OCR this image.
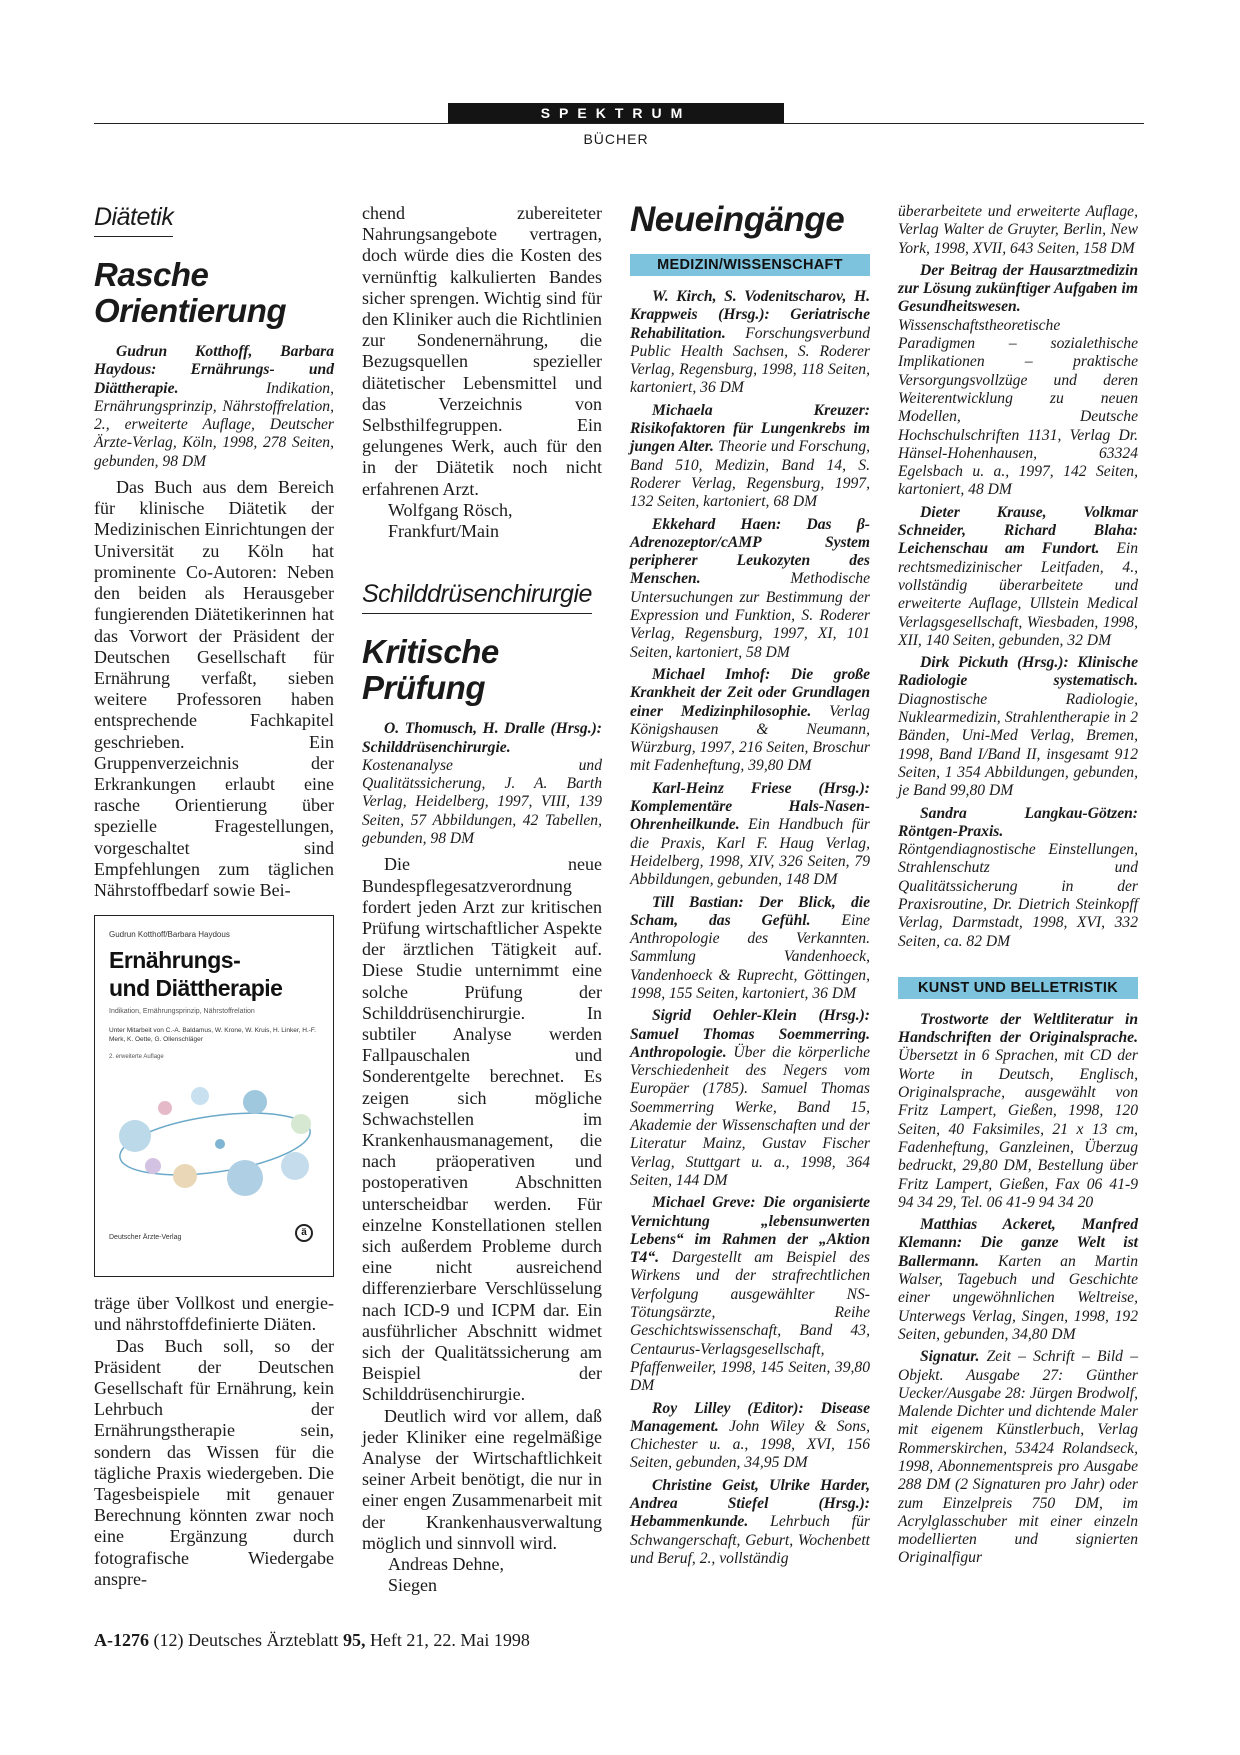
SPEKTRUM
BÜCHER
Diätetik
Rasche Orientierung

Gudrun Kotthoff, Barbara Haydous: Ernährungs- und Diättherapie. Indikation, Ernährungsprinzip, Nährstoffrelation, 2., erweiterte Auflage, Deutscher Ärzte-Verlag, Köln, 1998, 278 Seiten, gebunden, 98 DM

Das Buch aus dem Bereich für klinische Diätetik der Medizinischen Einrichtungen der Universität zu Köln hat prominente Co-Autoren: Neben den beiden als Herausgeber fungierenden Diätetikerinnen hat das Vorwort der Präsident der Deutschen Gesellschaft für Ernährung verfaßt, sieben weitere Professoren haben entsprechende Fachkapitel geschrieben. Ein Gruppenverzeichnis der Erkrankungen erlaubt eine rasche Orientierung über spezielle Fragestellungen, vorgeschaltet sind Empfehlungen zum täglichen Nährstoffbedarf sowie Bei-

Gudrun Kotthoff/Barbara Haydous
Ernährungs-
und Diättherapie
Indikation, Ernährungsprinzip, Nährstoffrelation
Unter Mitarbeit von C.-A. Baldamus, W. Krone, W. Kruis, H. Linker, H.-F. Merk, K. Oette, G. Ollenschläger
2. erweiterte Auflage
Deutscher Ärzte-Verlag	ä

träge über Vollkost und energie- und nährstoffdefinierte Diäten.

Das Buch soll, so der Präsident der Deutschen Gesellschaft für Ernährung, kein Lehrbuch der Ernährungstherapie sein, sondern das Wissen für die tägliche Praxis wiedergeben. Die Tagesbeispiele mit genauer Berechnung könnten zwar noch eine Ergänzung durch fotografische Wiedergabe anspre-

chend zubereiteter Nahrungsangebote vertragen, doch würde dies die Kosten des vernünftig kalkulierten Bandes sicher sprengen. Wichtig sind für den Kliniker auch die Richtlinien zur Sondenernährung, die Bezugsquellen spezieller diätetischer Lebensmittel und das Verzeichnis von Selbsthilfegruppen. Ein gelungenes Werk, auch für den in der Diätetik noch nicht erfahrenen Arzt.

Wolfgang Rösch,
Frankfurt/Main
Schilddrüsenchirurgie
Kritische Prüfung

O. Thomusch, H. Dralle (Hrsg.): Schilddrüsenchirurgie. Kostenanalyse und Qualitätssicherung, J. A. Barth Verlag, Heidelberg, 1997, VIII, 139 Seiten, 57 Abbildungen, 42 Tabellen, gebunden, 98 DM

Die neue Bundespflegesatzverordnung fordert jeden Arzt zur kritischen Prüfung wirtschaftlicher Aspekte der ärztlichen Tätigkeit auf. Diese Studie unternimmt eine solche Prüfung der Schilddrüsenchirurgie. In subtiler Analyse werden Fallpauschalen und Sonderentgelte berechnet. Es zeigen sich mögliche Schwachstellen im Krankenhausmanagement, die nach präoperativen und postoperativen Abschnitten unterscheidbar werden. Für einzelne Konstellationen stellen sich außerdem Probleme durch eine nicht ausreichend differenzierbare Verschlüsselung nach ICD-9 und ICPM dar. Ein ausführlicher Abschnitt widmet sich der Qualitätssicherung am Beispiel der Schilddrüsenchirurgie.

Deutlich wird vor allem, daß jeder Kliniker eine regelmäßige Analyse der Wirtschaftlichkeit seiner Arbeit benötigt, die nur in einer engen Zusammenarbeit mit der Krankenhausverwaltung möglich und sinnvoll wird.

Andreas Dehne,
Siegen
Neueingänge
MEDIZIN/WISSENSCHAFT

W. Kirch, S. Vodenitscharov, H. Krappweis (Hrsg.): Geriatrische Rehabilitation. Forschungsverbund Public Health Sachsen, S. Roderer Verlag, Regensburg, 1998, 118 Seiten, kartoniert, 36 DM

Michaela Kreuzer: Risikofaktoren für Lungenkrebs im jungen Alter. Theorie und Forschung, Band 510, Medizin, Band 14, S. Roderer Verlag, Regensburg, 1997, 132 Seiten, kartoniert, 68 DM

Ekkehard Haen: Das β-Adrenozeptor/cAMP System peripherer Leukozyten des Menschen. Methodische Untersuchungen zur Bestimmung der Expression und Funktion, S. Roderer Verlag, Regensburg, 1997, XI, 101 Seiten, kartoniert, 58 DM

Michael Imhof: Die große Krankheit der Zeit oder Grundlagen einer Medizinphilosophie. Verlag Königshausen & Neumann, Würzburg, 1997, 216 Seiten, Broschur mit Fadenheftung, 39,80 DM

Karl-Heinz Friese (Hrsg.): Komplementäre Hals-Nasen-Ohrenheilkunde. Ein Handbuch für die Praxis, Karl F. Haug Verlag, Heidelberg, 1998, XIV, 326 Seiten, 79 Abbildungen, gebunden, 148 DM

Till Bastian: Der Blick, die Scham, das Gefühl. Eine Anthropologie des Verkannten. Sammlung Vandenhoeck, Vandenhoeck & Ruprecht, Göttingen, 1998, 155 Seiten, kartoniert, 36 DM

Sigrid Oehler-Klein (Hrsg.): Samuel Thomas Soemmerring. Anthropologie. Über die körperliche Verschiedenheit des Negers vom Europäer (1785). Samuel Thomas Soemmerring Werke, Band 15, Akademie der Wissenschaften und der Literatur Mainz, Gustav Fischer Verlag, Stuttgart u. a., 1998, 364 Seiten, 144 DM

Michael Greve: Die organisierte Vernichtung „lebensunwerten Lebens“ im Rahmen der „Aktion T4“. Dargestellt am Beispiel des Wirkens und der strafrechtlichen Verfolgung ausgewählter NS-Tötungsärzte, Reihe Geschichtswissenschaft, Band 43, Centaurus-Verlagsgesellschaft, Pfaffenweiler, 1998, 145 Seiten, 39,80 DM

Roy Lilley (Editor): Disease Management. John Wiley & Sons, Chichester u. a., 1998, XVI, 156 Seiten, gebunden, 34,95 DM

Christine Geist, Ulrike Harder, Andrea Stiefel (Hrsg.): Hebammenkunde. Lehrbuch für Schwangerschaft, Geburt, Wochenbett und Beruf, 2., vollständig

überarbeitete und erweiterte Auflage, Verlag Walter de Gruyter, Berlin, New York, 1998, XVII, 643 Seiten, 158 DM

Der Beitrag der Hausarztmedizin zur Lösung zukünftiger Aufgaben im Gesundheitswesen. Wissenschaftstheoretische Paradigmen – sozialethische Implikationen – praktische Versorgungsvollzüge und deren Weiterentwicklung zu neuen Modellen, Deutsche Hochschulschriften 1131, Verlag Dr. Hänsel-Hohenhausen, 63324 Egelsbach u. a., 1997, 142 Seiten, kartoniert, 48 DM

Dieter Krause, Volkmar Schneider, Richard Blaha: Leichenschau am Fundort. Ein rechtsmedizinischer Leitfaden, 4., vollständig überarbeitete und erweiterte Auflage, Ullstein Medical Verlagsgesellschaft, Wiesbaden, 1998, XII, 140 Seiten, gebunden, 32 DM

Dirk Pickuth (Hrsg.): Klinische Radiologie systematisch. Diagnostische Radiologie, Nuklearmedizin, Strahlentherapie in 2 Bänden, Uni-Med Verlag, Bremen, 1998, Band I/Band II, insgesamt 912 Seiten, 1 354 Abbildungen, gebunden, je Band 99,80 DM

Sandra Langkau-Götzen: Röntgen-Praxis. Röntgendiagnostische Einstellungen, Strahlenschutz und Qualitätssicherung in der Praxisroutine, Dr. Dietrich Steinkopff Verlag, Darmstadt, 1998, XVI, 332 Seiten, ca. 82 DM

KUNST UND BELLETRISTIK

Trostworte der Weltliteratur in Handschriften der Originalsprache. Übersetzt in 6 Sprachen, mit CD der Worte in Deutsch, Englisch, Originalsprache, ausgewählt von Fritz Lampert, Gießen, 1998, 120 Seiten, 40 Faksimiles, 21 x 13 cm, Fadenheftung, Ganzleinen, Überzug bedruckt, 29,80 DM, Bestellung über Fritz Lampert, Gießen, Fax 06 41-9 94 34 29, Tel. 06 41-9 94 34 20

Matthias Ackeret, Manfred Klemann: Die ganze Welt ist Ballermann. Karten an Martin Walser, Tagebuch und Geschichte einer ungewöhnlichen Weltreise, Unterwegs Verlag, Singen, 1998, 192 Seiten, gebunden, 34,80 DM

Signatur. Zeit – Schrift – Bild – Objekt. Ausgabe 27: Günther Uecker/Ausgabe 28: Jürgen Brodwolf, Malende Dichter und dichtende Maler mit eigenem Künstlerbuch, Verlag Rommerskirchen, 53424 Rolandseck, 1998, Abonnementspreis pro Ausgabe 288 DM (2 Signaturen pro Jahr) oder zum Einzelpreis 750 DM, im Acrylglasschuber mit einer einzeln modellierten und signierten Originalfigur

A-1276 (12) Deutsches Ärzteblatt 95, Heft 21, 22. Mai 1998
